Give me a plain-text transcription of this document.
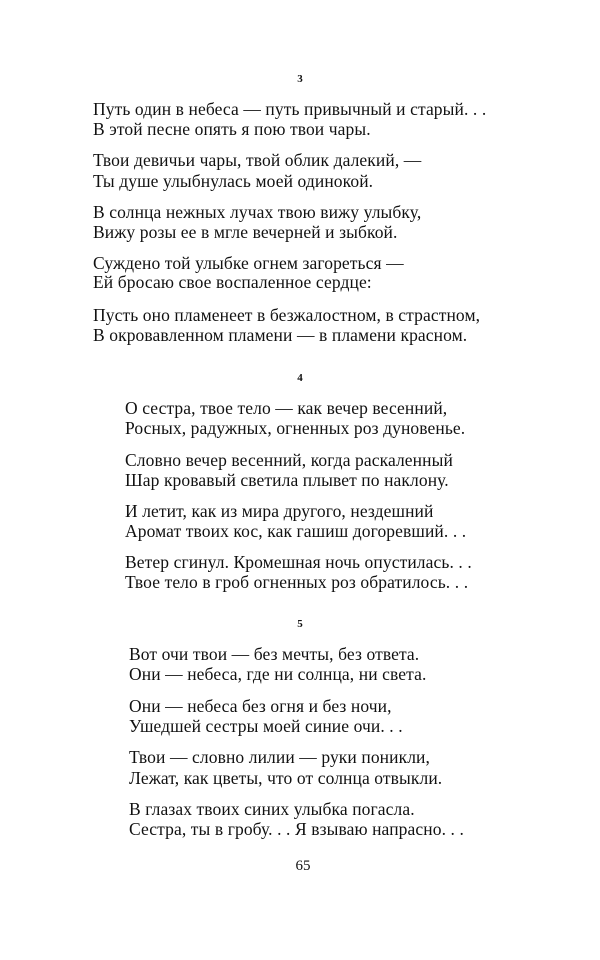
3
Путь один в небеса — путь привычный и старый. . .
В этой песне опять я пою твои чары.
Твои девичьи чары, твой облик далекий, —
Ты душе улыбнулась моей одинокой.
В солнца нежных лучах твою вижу улыбку,
Вижу розы ее в мгле вечерней и зыбкой.
Суждено той улыбке огнем загореться —
Ей бросаю свое воспаленное сердце:
Пусть оно пламенеет в безжалостном, в страстном,
В окровавленном пламени — в пламени красном.
4
О сестра, твое тело — как вечер весенний,
Росных, радужных, огненных роз дуновенье.
Словно вечер весенний, когда раскаленный
Шар кровавый светила плывет по наклону.
И летит, как из мира другого, нездешний
Аромат твоих кос, как гашиш догоревший. . .
Ветер сгинул. Кромешная ночь опустилась. . .
Твое тело в гроб огненных роз обратилось. . .
5
Вот очи твои — без мечты, без ответа.
Они — небеса, где ни солнца, ни света.
Они — небеса без огня и без ночи,
Ушедшей сестры моей синие очи. . .
Твои — словно лилии — руки поникли,
Лежат, как цветы, что от солнца отвыкли.
В глазах твоих синих улыбка погасла.
Сестра, ты в гробу. . . Я взываю напрасно. . .
65
